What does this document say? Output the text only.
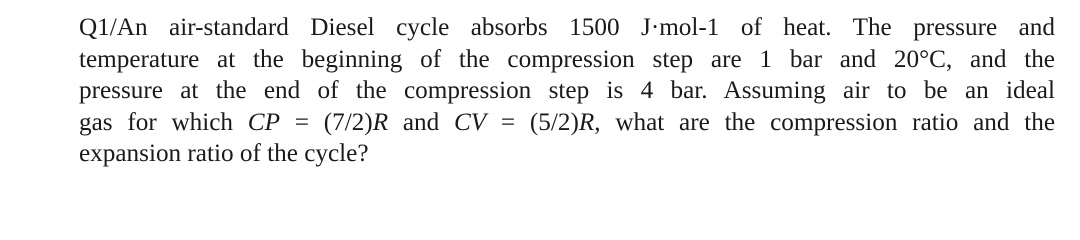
Q1/An air-standard Diesel cycle absorbs 1500 J·mol-1 of heat. The pressure and
temperature at the beginning of the compression step are 1 bar and 20°C, and the
pressure at the end of the compression step is 4 bar. Assuming air to be an ideal
gas for which CP = (7/2)R and CV = (5/2)R, what are the compression ratio and the
expansion ratio of the cycle?
